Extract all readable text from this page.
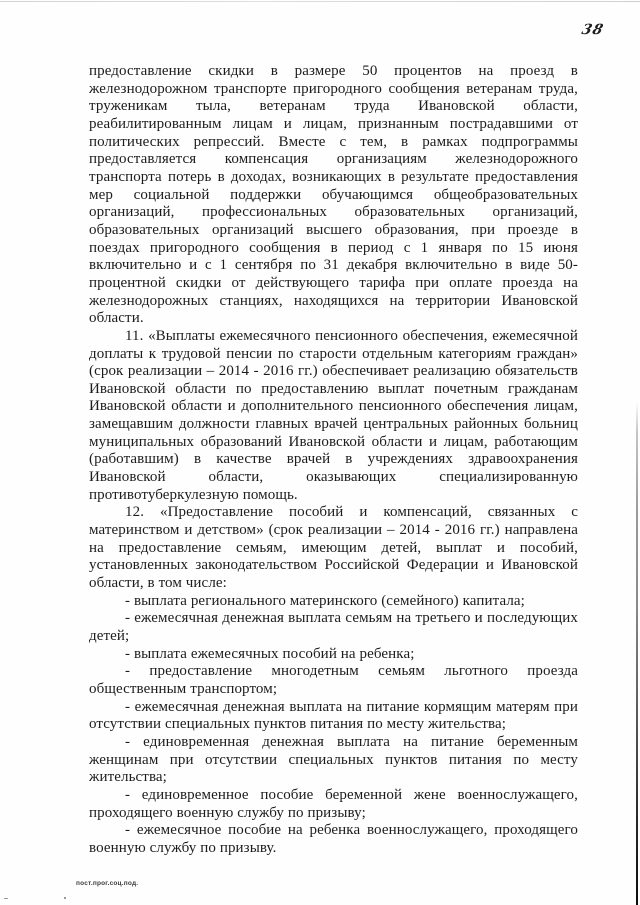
38

предоставление скидки в размере 50 процентов на проезд в железнодорожном транспорте пригородного сообщения ветеранам труда, труженикам тыла, ветеранам труда Ивановской области, реабилитированным лицам и лицам, признанным пострадавшими от политических репрессий. Вместе с тем, в рамках подпрограммы предоставляется компенсация организациям железнодорожного транспорта потерь в доходах, возникающих в результате предоставления мер социальной поддержки обучающимся общеобразовательных организаций, профессиональных образовательных организаций, образовательных организаций высшего образования, при проезде в поездах пригородного сообщения в период с 1 января по 15 июня включительно и с 1 сентября по 31 декабря включительно в виде 50-процентной скидки от действующего тарифа при оплате проезда на железнодорожных станциях, находящихся на территории Ивановской области.

11. «Выплаты ежемесячного пенсионного обеспечения, ежемесячной доплаты к трудовой пенсии по старости отдельным категориям граждан» (срок реализации – 2014 - 2016 гг.) обеспечивает реализацию обязательств Ивановской области по предоставлению выплат почетным гражданам Ивановской области и дополнительного пенсионного обеспечения лицам, замещавшим должности главных врачей центральных районных больниц муниципальных образований Ивановской области и лицам, работающим (работавшим) в качестве врачей в учреждениях здравоохранения Ивановской области, оказывающих специализированную противотуберкулезную помощь.

12. «Предоставление пособий и компенсаций, связанных с материнством и детством» (срок реализации – 2014 - 2016 гг.) направлена на предоставление семьям, имеющим детей, выплат и пособий, установленных законодательством Российской Федерации и Ивановской области, в том числе:

- выплата регионального материнского (семейного) капитала;

- ежемесячная денежная выплата семьям на третьего и последующих детей;

- выплата ежемесячных пособий на ребенка;

- предоставление многодетным семьям льготного проезда общественным транспортом;

- ежемесячная денежная выплата на питание кормящим матерям при отсутствии специальных пунктов питания по месту жительства;

- единовременная денежная выплата на питание беременным женщинам при отсутствии специальных пунктов питания по месту жительства;

- единовременное пособие беременной жене военнослужащего, проходящего военную службу по призыву;

- ежемесячное пособие на ребенка военнослужащего, проходящего военную службу по призыву.

пост.прог.соц.под.
